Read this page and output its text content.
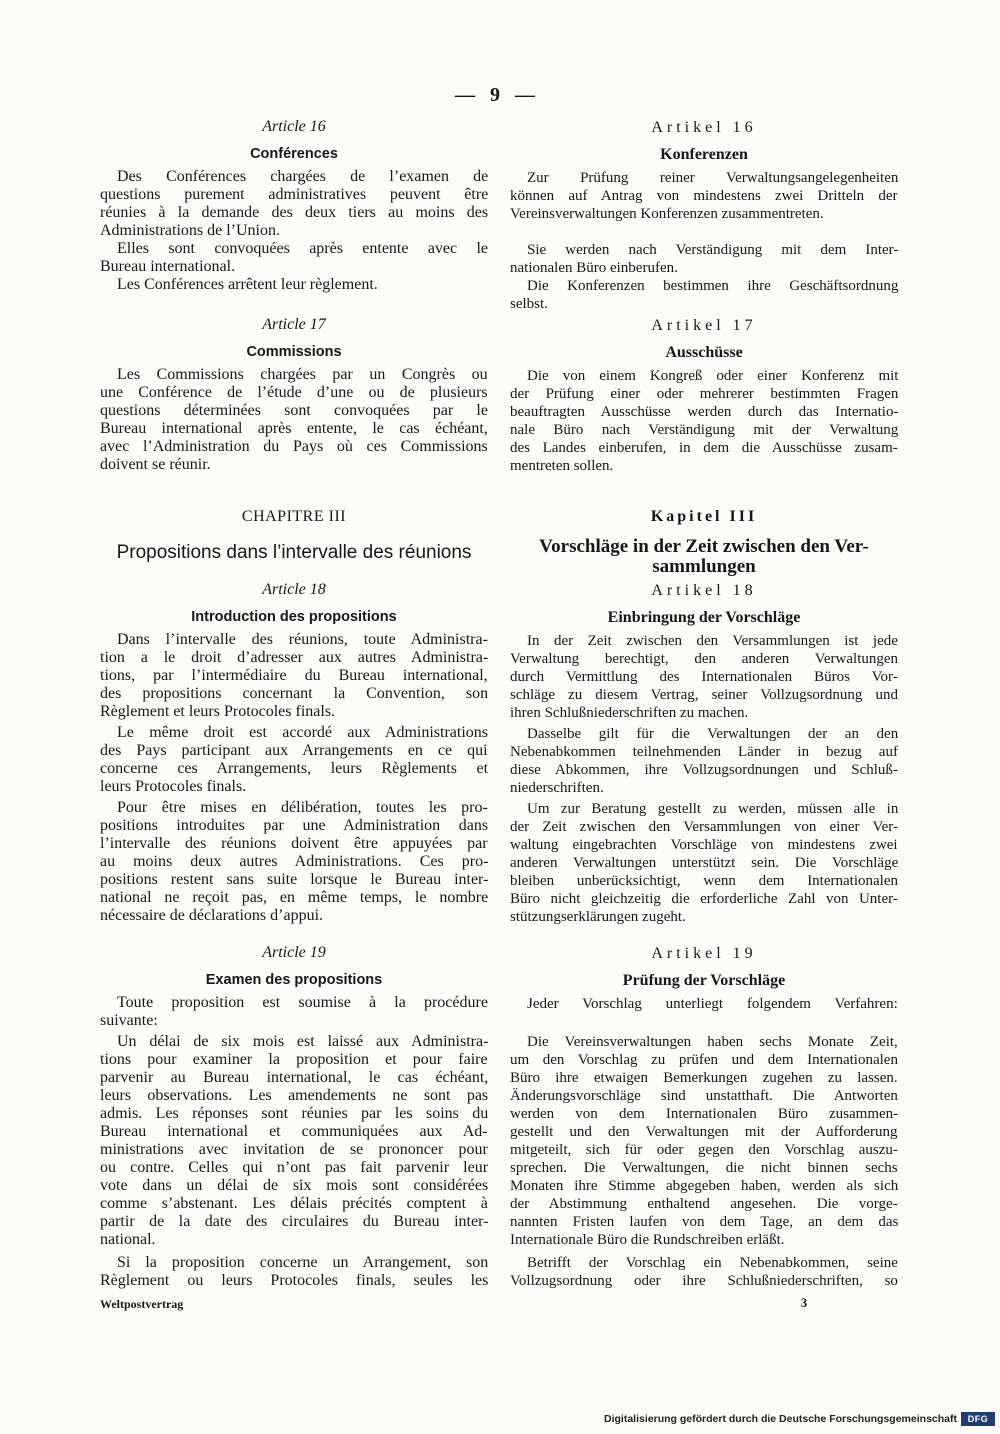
— 9 —
Article 16
Conférences
Des Conférences chargées de l’examen de
questions purement administratives peuvent être
réunies à la demande des deux tiers au moins des
Administrations de l’Union.
Elles sont convoquées après entente avec le
Bureau international.
Les Conférences arrêtent leur règlement.
Article 17
Commissions
Les Commissions chargées par un Congrès ou
une Conférence de l’étude d’une ou de plusieurs
questions déterminées sont convoquées par le
Bureau international après entente, le cas échéant,
avec l’Administration du Pays où ces Commissions
doivent se réunir.
CHAPITRE III
Propositions dans l’intervalle des réunions
Article 18
Introduction des propositions
Dans l’intervalle des réunions, toute Administra-
tion a le droit d’adresser aux autres Administra-
tions, par l’intermédiaire du Bureau international,
des propositions concernant la Convention, son
Règlement et leurs Protocoles finals.
Le même droit est accordé aux Administrations
des Pays participant aux Arrangements en ce qui
concerne ces Arrangements, leurs Règlements et
leurs Protocoles finals.
Pour être mises en délibération, toutes les pro-
positions introduites par une Administration dans
l’intervalle des réunions doivent être appuyées par
au moins deux autres Administrations. Ces pro-
positions restent sans suite lorsque le Bureau inter-
national ne reçoit pas, en même temps, le nombre
nécessaire de déclarations d’appui.
Article 19
Examen des propositions
Toute proposition est soumise à la procédure
suivante:
Un délai de six mois est laissé aux Administra-
tions pour examiner la proposition et pour faire
parvenir au Bureau international, le cas échéant,
leurs observations. Les amendements ne sont pas
admis. Les réponses sont réunies par les soins du
Bureau international et communiquées aux Ad-
ministrations avec invitation de se prononcer pour
ou contre. Celles qui n’ont pas fait parvenir leur
vote dans un délai de six mois sont considérées
comme s’abstenant. Les délais précités comptent à
partir de la date des circulaires du Bureau inter-
national.
Si la proposition concerne un Arrangement, son
Règlement ou leurs Protocoles finals, seules les
Artikel 16
Konferenzen
Zur Prüfung reiner Verwaltungsangelegenheiten
können auf Antrag von mindestens zwei Dritteln der
Vereinsverwaltungen Konferenzen zusammentreten.
Sie werden nach Verständigung mit dem Inter-
nationalen Büro einberufen.
Die Konferenzen bestimmen ihre Geschäftsordnung
selbst.
Artikel 17
Ausschüsse
Die von einem Kongreß oder einer Konferenz mit
der Prüfung einer oder mehrerer bestimmten Fragen
beauftragten Ausschüsse werden durch das Internatio-
nale Büro nach Verständigung mit der Verwaltung
des Landes einberufen, in dem die Ausschüsse zusam-
mentreten sollen.
Kapitel III
Vorschläge in der Zeit zwischen den Ver-
sammlungen
Artikel 18
Einbringung der Vorschläge
In der Zeit zwischen den Versammlungen ist jede
Verwaltung berechtigt, den anderen Verwaltungen
durch Vermittlung des Internationalen Büros Vor-
schläge zu diesem Vertrag, seiner Vollzugsordnung und
ihren Schlußniederschriften zu machen.
Dasselbe gilt für die Verwaltungen der an den
Nebenabkommen teilnehmenden Länder in bezug auf
diese Abkommen, ihre Vollzugsordnungen und Schluß-
niederschriften.
Um zur Beratung gestellt zu werden, müssen alle in
der Zeit zwischen den Versammlungen von einer Ver-
waltung eingebrachten Vorschläge von mindestens zwei
anderen Verwaltungen unterstützt sein. Die Vorschläge
bleiben unberücksichtigt, wenn dem Internationalen
Büro nicht gleichzeitig die erforderliche Zahl von Unter-
stützungserklärungen zugeht.
Artikel 19
Prüfung der Vorschläge
Jeder Vorschlag unterliegt folgendem Verfahren:
Die Vereinsverwaltungen haben sechs Monate Zeit,
um den Vorschlag zu prüfen und dem Internationalen
Büro ihre etwaigen Bemerkungen zugehen zu lassen.
Änderungsvorschläge sind unstatthaft. Die Antworten
werden von dem Internationalen Büro zusammen-
gestellt und den Verwaltungen mit der Aufforderung
mitgeteilt, sich für oder gegen den Vorschlag auszu-
sprechen. Die Verwaltungen, die nicht binnen sechs
Monaten ihre Stimme abgegeben haben, werden als sich
der Abstimmung enthaltend angesehen. Die vorge-
nannten Fristen laufen von dem Tage, an dem das
Internationale Büro die Rundschreiben erläßt.
Betrifft der Vorschlag ein Nebenabkommen, seine
Vollzugsordnung oder ihre Schlußniederschriften, so
Weltpostvertrag	3
Digitalisierung gefördert durch die Deutsche Forschungsgemeinschaft	DFG
